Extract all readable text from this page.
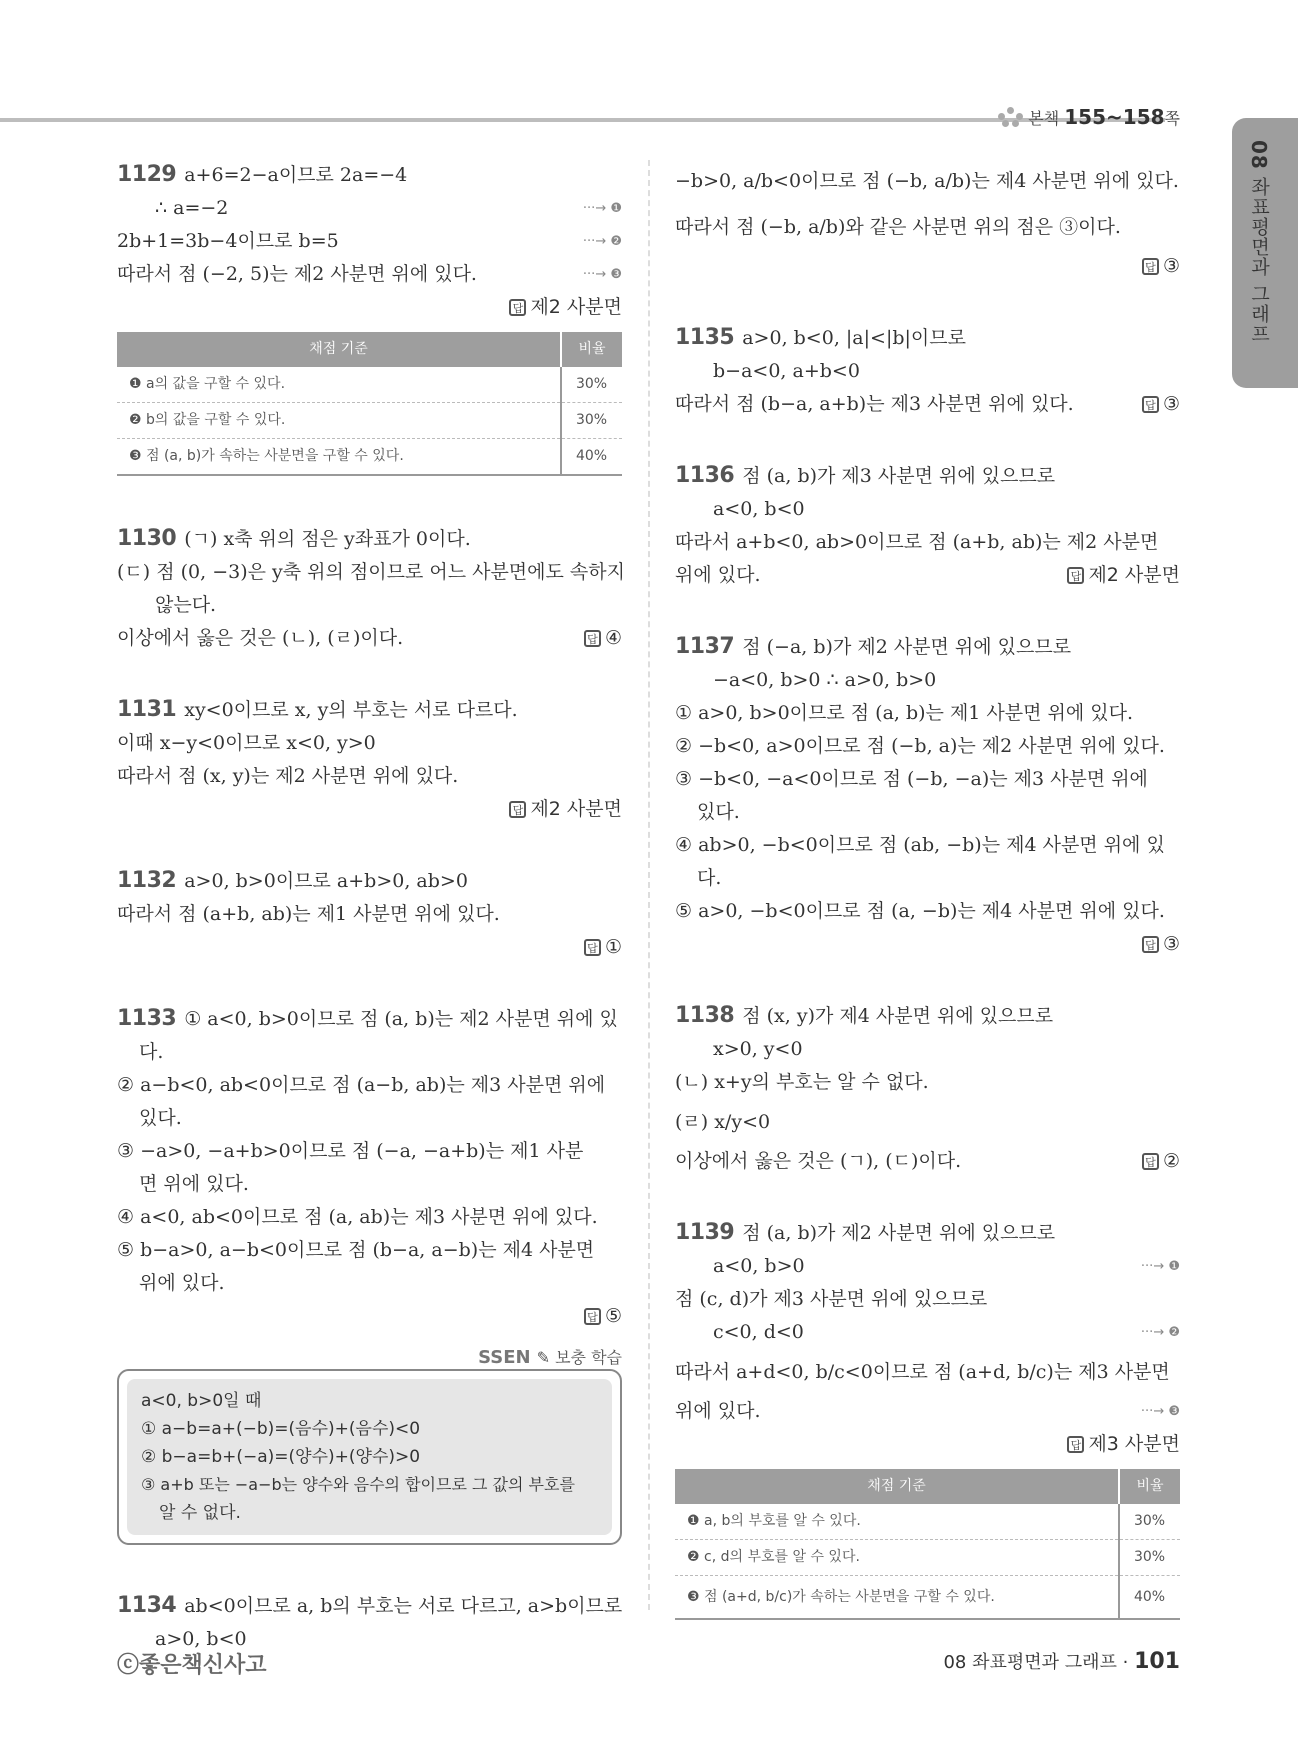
본책 155~158쪽
08 좌표평면과 그래프
1129 a+6=2−a이므로 2a=−4
∴ a=−2	···→ ❶
2b+1=3b−4이므로 b=5	···→ ❷
따라서 점 (−2, 5)는 제2 사분면 위에 있다.	···→ ❸
답 제2 사분면
채점 기준	비율
❶ a의 값을 구할 수 있다.	30%
❷ b의 값을 구할 수 있다.	30%
❸ 점 (a, b)가 속하는 사분면을 구할 수 있다.	40%
1130 (ㄱ) x축 위의 점은 y좌표가 0이다.
(ㄷ) 점 (0, −3)은 y축 위의 점이므로 어느 사분면에도 속하지
않는다.
이상에서 옳은 것은 (ㄴ), (ㄹ)이다.	답 ④
1131 xy<0이므로 x, y의 부호는 서로 다르다.
이때 x−y<0이므로 x<0, y>0
따라서 점 (x, y)는 제2 사분면 위에 있다.
답 제2 사분면
1132 a>0, b>0이므로 a+b>0, ab>0
따라서 점 (a+b, ab)는 제1 사분면 위에 있다.
답 ①
1133 ① a<0, b>0이므로 점 (a, b)는 제2 사분면 위에 있
다.
② a−b<0, ab<0이므로 점 (a−b, ab)는 제3 사분면 위에
있다.
③ −a>0, −a+b>0이므로 점 (−a, −a+b)는 제1 사분
면 위에 있다.
④ a<0, ab<0이므로 점 (a, ab)는 제3 사분면 위에 있다.
⑤ b−a>0, a−b<0이므로 점 (b−a, a−b)는 제4 사분면
위에 있다.
답 ⑤
SSEN ✎ 보충 학습
a<0, b>0일 때
① a−b=a+(−b)=(음수)+(음수)<0
② b−a=b+(−a)=(양수)+(양수)>0
③ a+b 또는 −a−b는 양수와 음수의 합이므로 그 값의 부호를
알 수 없다.
1134 ab<0이므로 a, b의 부호는 서로 다르고, a>b이므로
a>0, b<0
−b>0, a/b<0이므로 점 (−b, a/b)는 제4 사분면 위에 있다.
따라서 점 (−b, a/b)와 같은 사분면 위의 점은 ③이다.
답 ③
1135 a>0, b<0, |a|<|b|이므로
b−a<0, a+b<0
따라서 점 (b−a, a+b)는 제3 사분면 위에 있다.	답 ③
1136 점 (a, b)가 제3 사분면 위에 있으므로
a<0, b<0
따라서 a+b<0, ab>0이므로 점 (a+b, ab)는 제2 사분면
위에 있다.	답 제2 사분면
1137 점 (−a, b)가 제2 사분면 위에 있으므로
−a<0, b>0 ∴ a>0, b>0
① a>0, b>0이므로 점 (a, b)는 제1 사분면 위에 있다.
② −b<0, a>0이므로 점 (−b, a)는 제2 사분면 위에 있다.
③ −b<0, −a<0이므로 점 (−b, −a)는 제3 사분면 위에
있다.
④ ab>0, −b<0이므로 점 (ab, −b)는 제4 사분면 위에 있
다.
⑤ a>0, −b<0이므로 점 (a, −b)는 제4 사분면 위에 있다.
답 ③
1138 점 (x, y)가 제4 사분면 위에 있으므로
x>0, y<0
(ㄴ) x+y의 부호는 알 수 없다.
(ㄹ) x/y<0
이상에서 옳은 것은 (ㄱ), (ㄷ)이다.	답 ②
1139 점 (a, b)가 제2 사분면 위에 있으므로
a<0, b>0	···→ ❶
점 (c, d)가 제3 사분면 위에 있으므로
c<0, d<0	···→ ❷
따라서 a+d<0, b/c<0이므로 점 (a+d, b/c)는 제3 사분면
위에 있다.	···→ ❸
답 제3 사분면
채점 기준	비율
❶ a, b의 부호를 알 수 있다.	30%
❷ c, d의 부호를 알 수 있다.	30%
❸ 점 (a+d, b/c)가 속하는 사분면을 구할 수 있다.	40%
ⓒ좋은책신사고	08 좌표평면과 그래프 · 101
